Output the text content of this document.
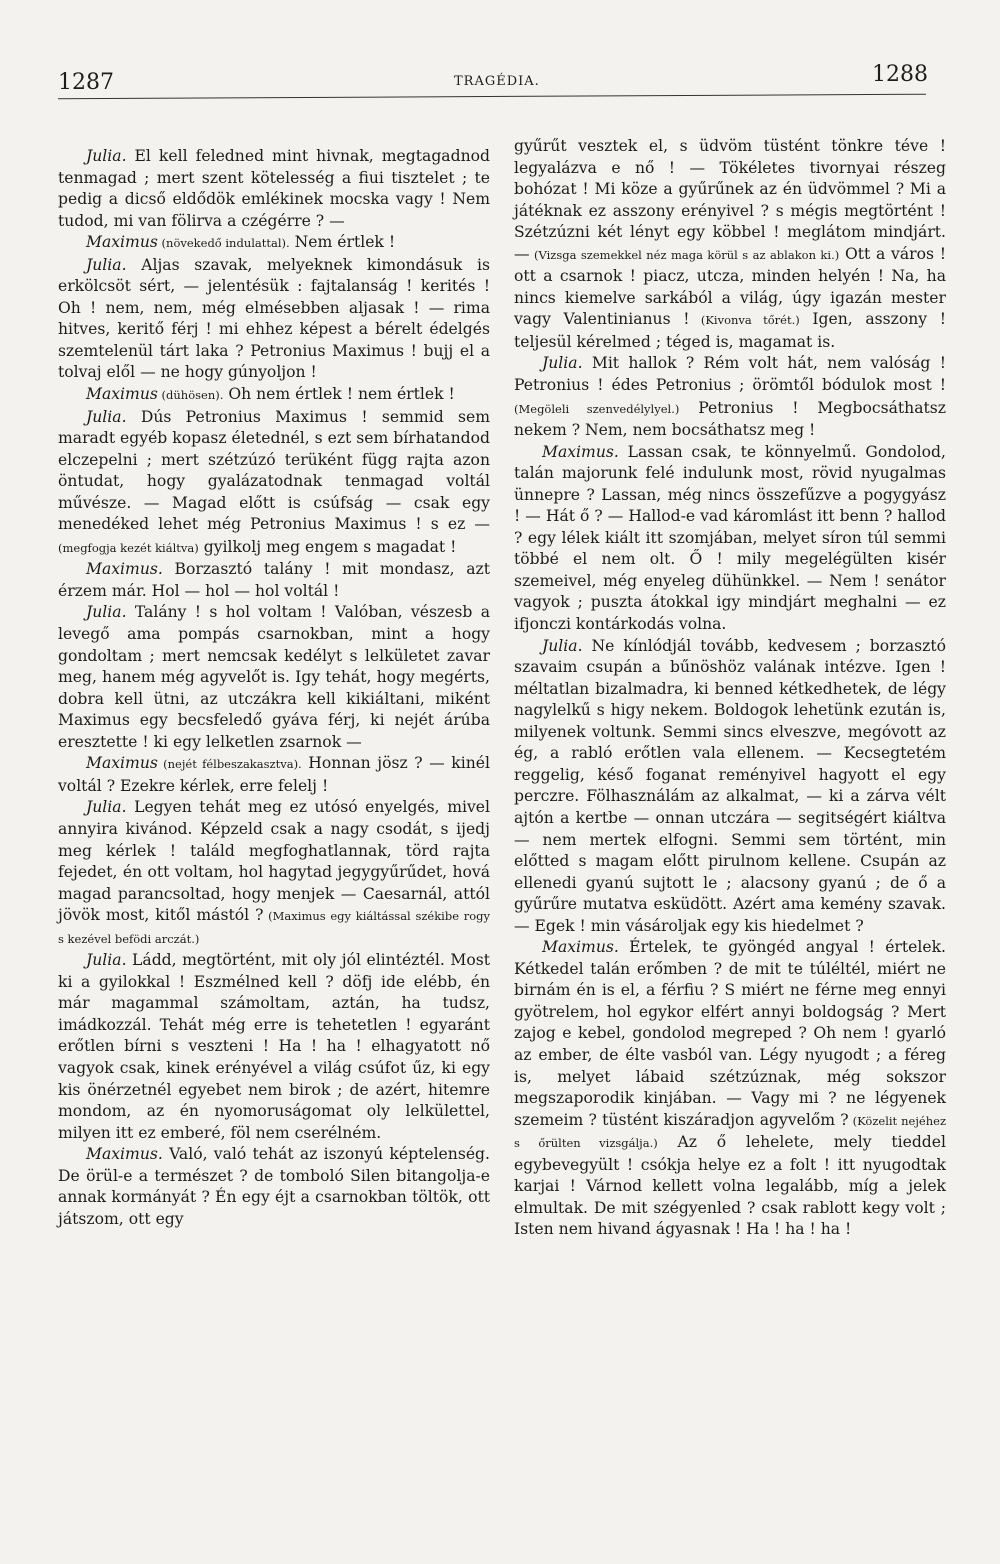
1287	TRAGÉDIA.	1288

Julia. El kell feledned mint hivnak, megtagadnod tenmagad ; mert szent kötelesség a fiui tisztelet ; te pedig a dicső eldődök emlékinek mocska vagy ! Nem tudod, mi van fölirva a czégérre ? —

Maximus (növekedő indulattal). Nem értlek !

Julia. Aljas szavak, melyeknek kimondásuk is erkölcsöt sért, — jelentésük : fajtalanság ! kerités ! Oh ! nem, nem, még elmésebben aljasak ! — rima hitves, keritő férj ! mi ehhez képest a bérelt édelgés szemtelenül tárt laka ? Petronius Maximus ! bujj el a tolvaj elől — ne hogy gúnyoljon !

Maximus (dühösen). Oh nem értlek ! nem értlek !

Julia. Dús Petronius Maximus ! semmid sem maradt egyéb kopasz életednél, s ezt sem bírhatandod elczepelni ; mert szétzúzó terüként függ rajta azon öntudat, hogy gyalázatodnak tenmagad voltál művésze. — Magad előtt is csúfság — csak egy menedéked lehet még Petronius Maximus ! s ez — (megfogja kezét kiáltva) gyilkolj meg engem s magadat !

Maximus. Borzasztó talány ! mit mondasz, azt érzem már. Hol — hol — hol voltál !

Julia. Talány ! s hol voltam ! Valóban, vészesb a levegő ama pompás csarnokban, mint a hogy gondoltam ; mert nemcsak kedélyt s lelkületet zavar meg, hanem még agyvelőt is. Igy tehát, hogy megérts, dobra kell ütni, az utczákra kell kikiáltani, miként Maximus egy becsfeledő gyáva férj, ki nejét árúba eresztette ! ki egy lelketlen zsarnok —

Maximus (nejét félbeszakasztva). Honnan jösz ? — kinél voltál ? Ezekre kérlek, erre felelj !

Julia. Legyen tehát meg ez utósó enyelgés, mivel annyira kivánod. Képzeld csak a nagy csodát, s ijedj meg kérlek ! találd megfoghatlannak, törd rajta fejedet, én ott voltam, hol hagytad jegygyűrűdet, hová magad parancsoltad, hogy menjek — Caesarnál, attól jövök most, kitől mástól ? (Maximus egy kiáltással székibe rogy s kezével befödi arczát.)

Julia. Ládd, megtörtént, mit oly jól elintéztél. Most ki a gyilokkal ! Eszmélned kell ? döfj ide elébb, én már magammal számoltam, aztán, ha tudsz, imádkozzál. Tehát még erre is tehetetlen ! egyaránt erőtlen bírni s veszteni ! Ha ! ha ! elhagyatott nő vagyok csak, kinek erényével a világ csúfot űz, ki egy kis önérzetnél egyebet nem birok ; de azért, hitemre mondom, az én nyomoruságomat oly lelkülettel, milyen itt ez emberé, föl nem cserélném.

Maximus. Való, való tehát az iszonyú képtelenség. De örül-e a természet ? de tomboló Silen bitangolja-e annak kormányát ? Én egy éjt a csarnokban töltök, ott játszom, ott egy

gyűrűt vesztek el, s üdvöm tüstént tönkre téve ! legyalázva e nő ! — Tökéletes tivornyai részeg bohózat ! Mi köze a gyűrűnek az én üdvömmel ? Mi a játéknak ez asszony erényivel ? s mégis megtörtént ! Szétzúzni két lényt egy köbbel ! meglátom mindjárt. — (Vizsga szemekkel néz maga körül s az ablakon ki.) Ott a város ! ott a csarnok ! piacz, utcza, minden helyén ! Na, ha nincs kiemelve sarkából a világ, úgy igazán mester vagy Valentinianus ! (Kivonva tőrét.) Igen, asszony ! teljesül kérelmed ; téged is, magamat is.

Julia. Mit hallok ? Rém volt hát, nem valóság ! Petronius ! édes Petronius ; örömtől bódulok most ! (Megöleli szenvedélylyel.) Petronius ! Megbocsáthatsz nekem ? Nem, nem bocsáthatsz meg !

Maximus. Lassan csak, te könnyelmű. Gondolod, talán majorunk felé indulunk most, rövid nyugalmas ünnepre ? Lassan, még nincs összefűzve a pogygyász ! — Hát ő ? — Hallod-e vad káromlást itt benn ? hallod ? egy lélek kiált itt szomjában, melyet síron túl semmi többé el nem olt. Ő ! mily megelégülten kisér szemeivel, még enyeleg dühünkkel. — Nem ! senátor vagyok ; puszta átokkal igy mindjárt meghalni — ez ifjonczi kontárkodás volna.

Julia. Ne kínlódjál tovább, kedvesem ; borzasztó szavaim csupán a bűnöshöz valának intézve. Igen ! méltatlan bizalmadra, ki benned kétkedhetek, de légy nagylelkű s higy nekem. Boldogok lehetünk ezután is, milyenek voltunk. Semmi sincs elveszve, megóvott az ég, a rabló erőtlen vala ellenem. — Kecsegtetém reggelig, késő foganat reményivel hagyott el egy perczre. Fölhasználám az alkalmat, — ki a zárva vélt ajtón a kertbe — onnan utczára — segitségért kiáltva — nem mertek elfogni. Semmi sem történt, min előtted s magam előtt pirulnom kellene. Csupán az ellenedi gyanú sujtott le ; alacsony gyanú ; de ő a gyűrűre mutatva esküdött. Azért ama kemény szavak. — Egek ! min vásároljak egy kis hiedelmet ?

Maximus. Értelek, te gyöngéd angyal ! értelek. Kétkedel talán erőmben ? de mit te túléltél, miért ne birnám én is el, a férfiu ? S miért ne férne meg ennyi gyötrelem, hol egykor elfért annyi boldogság ? Mert zajog e kebel, gondolod megreped ? Oh nem ! gyarló az ember, de élte vasból van. Légy nyugodt ; a féreg is, melyet lábaid szétzúznak, még sokszor megszaporodik kinjában. — Vagy mi ? ne légyenek szemeim ? tüstént kiszáradjon agyvelőm ? (Közelit nejéhez s őrülten vizsgálja.) Az ő lehelete, mely tieddel egybevegyült ! csókja helye ez a folt ! itt nyugodtak karjai ! Várnod kellett volna legalább, míg a jelek elmultak. De mit szégyenled ? csak rablott kegy volt ; Isten nem hivand ágyasnak ! Ha ! ha ! ha !
